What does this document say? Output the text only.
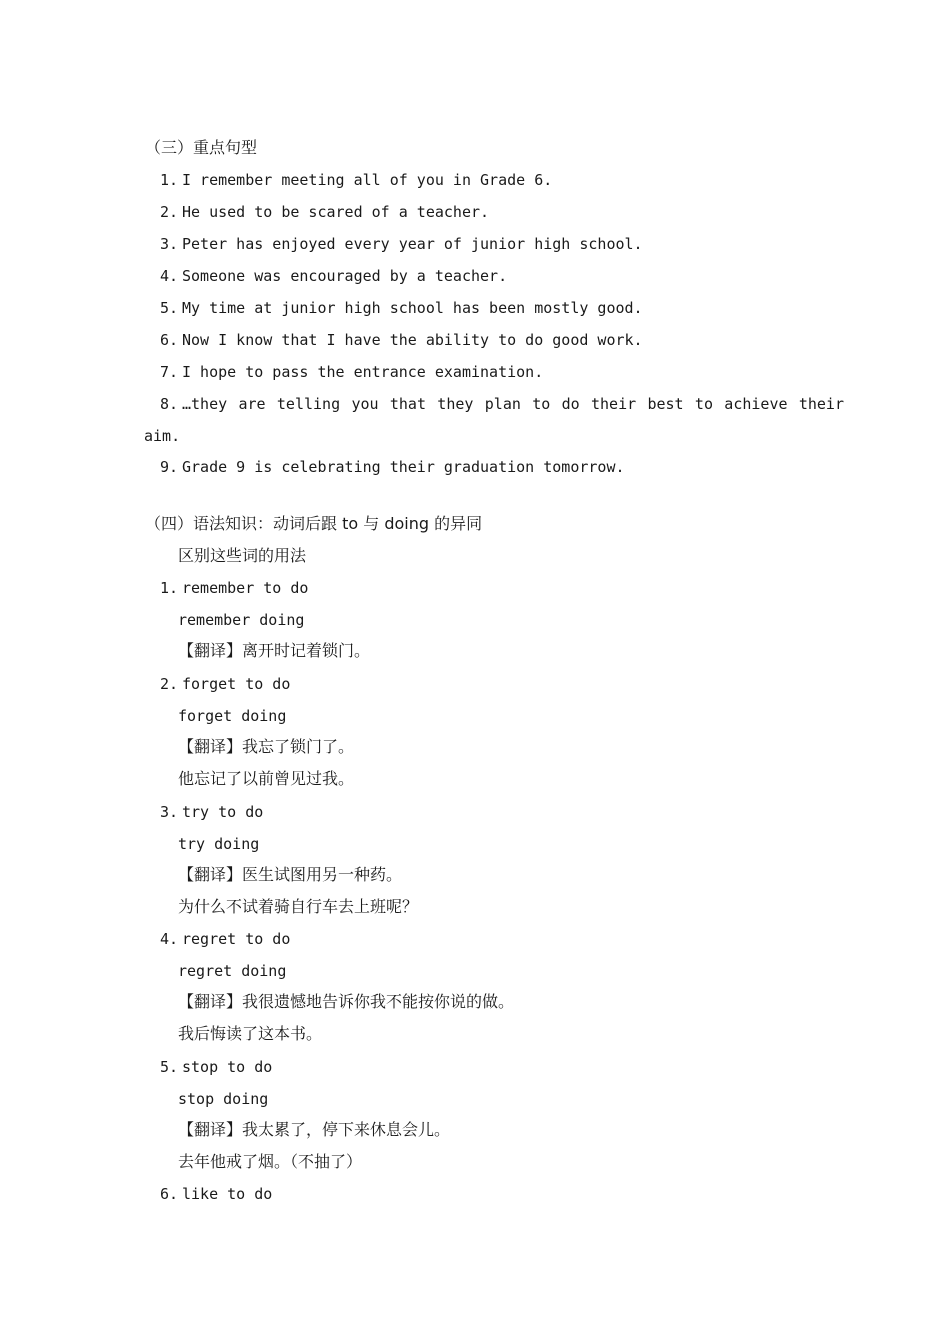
（三）重点句型
1. I remember meeting all of you in Grade 6.
2. He used to be scared of a teacher.
3. Peter has enjoyed every year of junior high school.
4. Someone was encouraged by a teacher.
5. My time at junior high school has been mostly good.
6. Now I know that I have the ability to do good work.
7. I hope to pass the entrance examination.
8. …they are telling you that they plan to do their best to achieve their
aim.
9. Grade 9 is celebrating their graduation tomorrow.
（四）语法知识：动词后跟 to 与 doing 的异同
区别这些词的用法
1. remember to do
remember doing
【翻译】离开时记着锁门。
2. forget to do
forget doing
【翻译】我忘了锁门了。
他忘记了以前曾见过我。
3. try to do
try doing
【翻译】医生试图用另一种药。
为什么不试着骑自行车去上班呢？
4. regret to do
regret doing
【翻译】我很遗憾地告诉你我不能按你说的做。
我后悔读了这本书。
5. stop to do
stop doing
【翻译】我太累了，停下来休息会儿。
去年他戒了烟。（不抽了）
6. like to do
